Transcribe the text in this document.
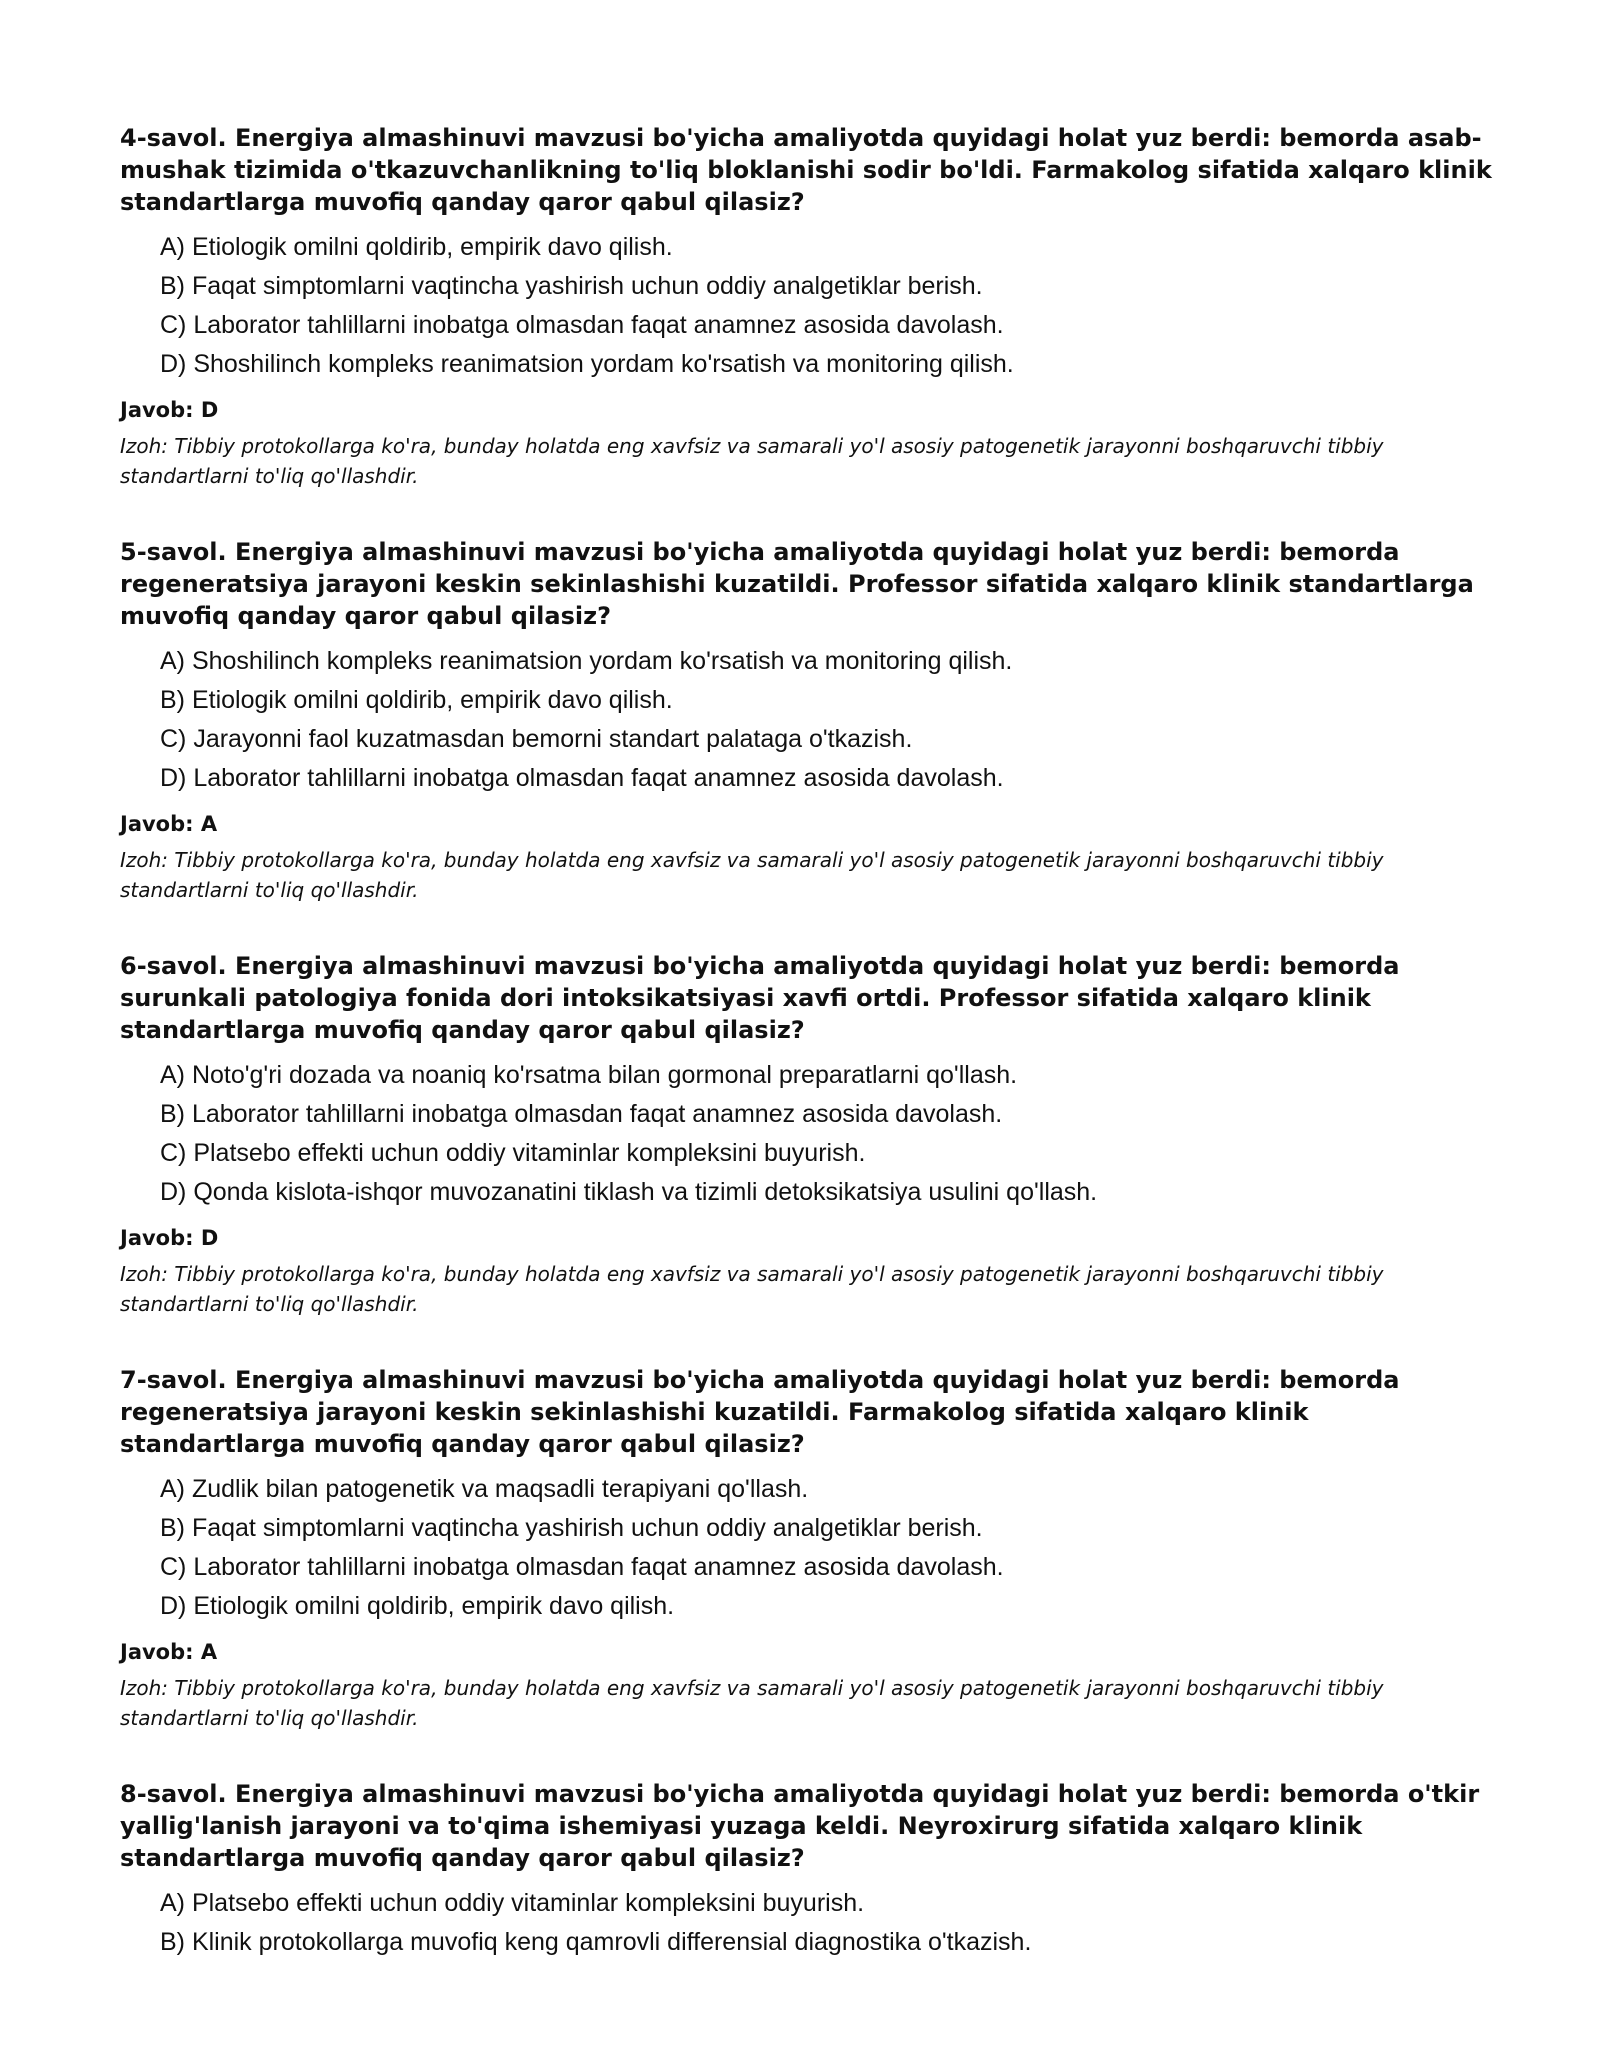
4-savol. Energiya almashinuvi mavzusi bo'yicha amaliyotda quyidagi holat yuz berdi: bemorda asab-mushak tizimida o'tkazuvchanlikning to'liq bloklanishi sodir bo'ldi. Farmakolog sifatida xalqaro klinik standartlarga muvofiq qanday qaror qabul qilasiz?

A) Etiologik omilni qoldirib, empirik davo qilish.
B) Faqat simptomlarni vaqtincha yashirish uchun oddiy analgetiklar berish.
C) Laborator tahlillarni inobatga olmasdan faqat anamnez asosida davolash.
D) Shoshilinch kompleks reanimatsion yordam ko'rsatish va monitoring qilish.

Javob: D

Izoh: Tibbiy protokollarga ko'ra, bunday holatda eng xavfsiz va samarali yo'l asosiy patogenetik jarayonni boshqaruvchi tibbiy standartlarni to'liq qo'llashdir.

5-savol. Energiya almashinuvi mavzusi bo'yicha amaliyotda quyidagi holat yuz berdi: bemorda regeneratsiya jarayoni keskin sekinlashishi kuzatildi. Professor sifatida xalqaro klinik standartlarga muvofiq qanday qaror qabul qilasiz?

A) Shoshilinch kompleks reanimatsion yordam ko'rsatish va monitoring qilish.
B) Etiologik omilni qoldirib, empirik davo qilish.
C) Jarayonni faol kuzatmasdan bemorni standart palataga o'tkazish.
D) Laborator tahlillarni inobatga olmasdan faqat anamnez asosida davolash.

Javob: A

Izoh: Tibbiy protokollarga ko'ra, bunday holatda eng xavfsiz va samarali yo'l asosiy patogenetik jarayonni boshqaruvchi tibbiy standartlarni to'liq qo'llashdir.

6-savol. Energiya almashinuvi mavzusi bo'yicha amaliyotda quyidagi holat yuz berdi: bemorda surunkali patologiya fonida dori intoksikatsiyasi xavfi ortdi. Professor sifatida xalqaro klinik standartlarga muvofiq qanday qaror qabul qilasiz?

A) Noto'g'ri dozada va noaniq ko'rsatma bilan gormonal preparatlarni qo'llash.
B) Laborator tahlillarni inobatga olmasdan faqat anamnez asosida davolash.
C) Platsebo effekti uchun oddiy vitaminlar kompleksini buyurish.
D) Qonda kislota-ishqor muvozanatini tiklash va tizimli detoksikatsiya usulini qo'llash.

Javob: D

Izoh: Tibbiy protokollarga ko'ra, bunday holatda eng xavfsiz va samarali yo'l asosiy patogenetik jarayonni boshqaruvchi tibbiy standartlarni to'liq qo'llashdir.

7-savol. Energiya almashinuvi mavzusi bo'yicha amaliyotda quyidagi holat yuz berdi: bemorda regeneratsiya jarayoni keskin sekinlashishi kuzatildi. Farmakolog sifatida xalqaro klinik standartlarga muvofiq qanday qaror qabul qilasiz?

A) Zudlik bilan patogenetik va maqsadli terapiyani qo'llash.
B) Faqat simptomlarni vaqtincha yashirish uchun oddiy analgetiklar berish.
C) Laborator tahlillarni inobatga olmasdan faqat anamnez asosida davolash.
D) Etiologik omilni qoldirib, empirik davo qilish.

Javob: A

Izoh: Tibbiy protokollarga ko'ra, bunday holatda eng xavfsiz va samarali yo'l asosiy patogenetik jarayonni boshqaruvchi tibbiy standartlarni to'liq qo'llashdir.

8-savol. Energiya almashinuvi mavzusi bo'yicha amaliyotda quyidagi holat yuz berdi: bemorda o'tkir yallig'lanish jarayoni va to'qima ishemiyasi yuzaga keldi. Neyroxirurg sifatida xalqaro klinik standartlarga muvofiq qanday qaror qabul qilasiz?

A) Platsebo effekti uchun oddiy vitaminlar kompleksini buyurish.
B) Klinik protokollarga muvofiq keng qamrovli differensial diagnostika o'tkazish.
